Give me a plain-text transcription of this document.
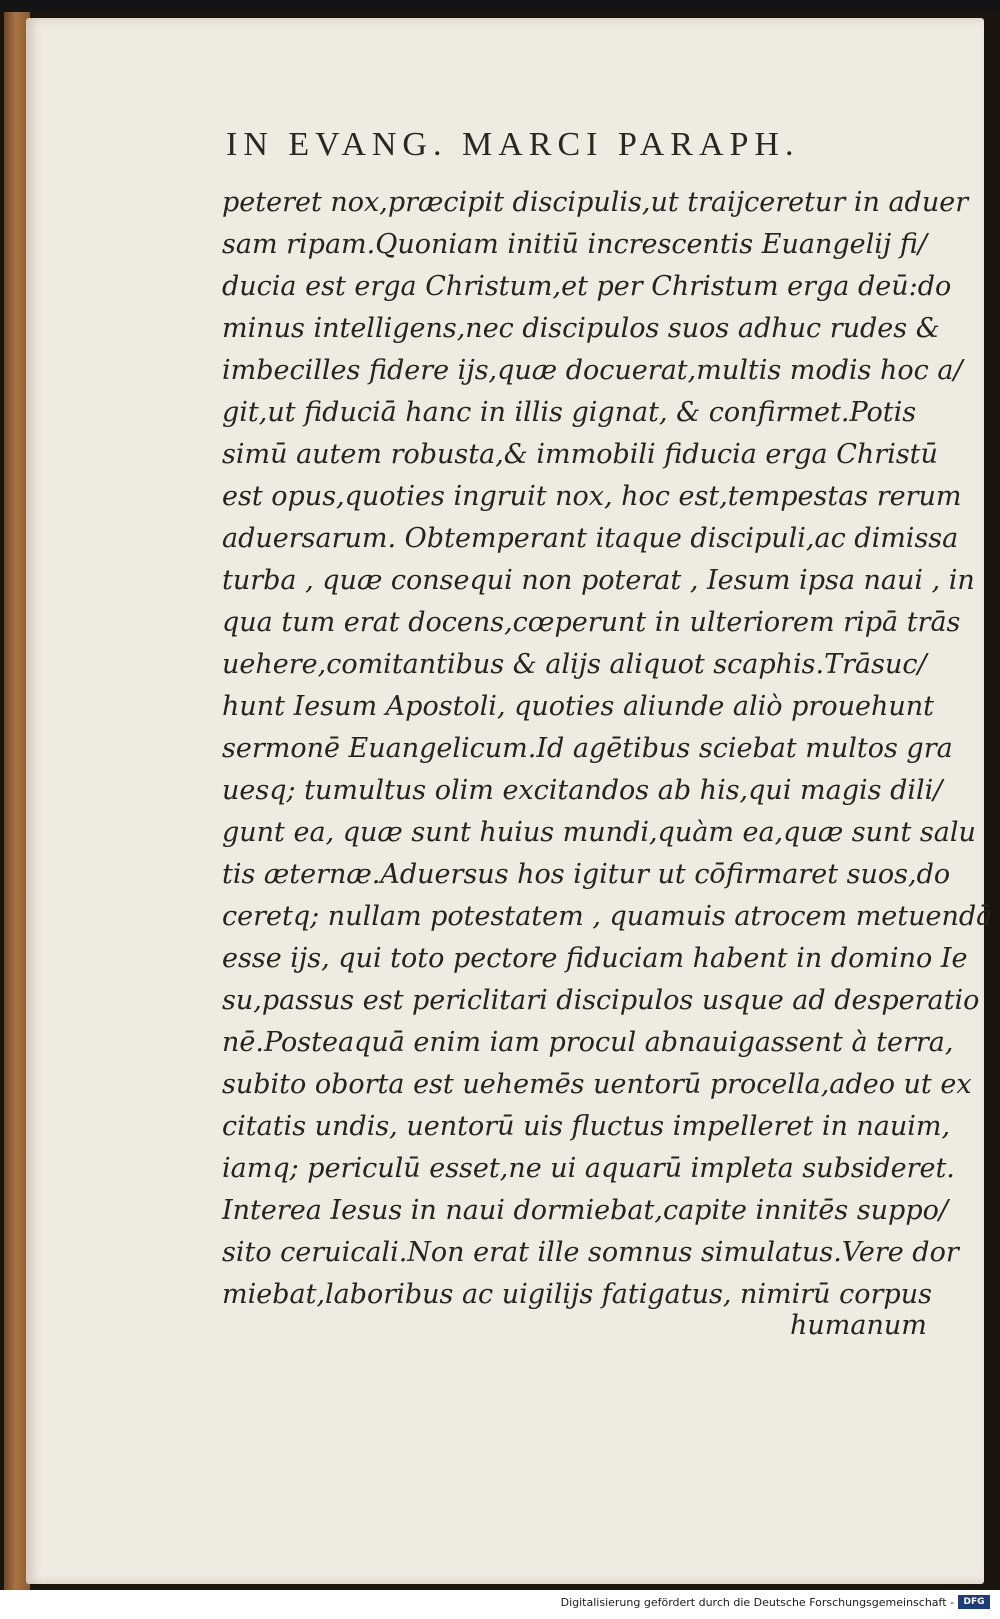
IN EVANG. MARCI PARAPH.
peteret nox,præcipit discipulis,ut traijceretur in aduer
sam ripam.Quoniam initiū increscentis Euangelij fi/
ducia est erga Christum,et per Christum erga deū:do
minus intelligens,nec discipulos suos adhuc rudes &
imbecilles fidere ijs,quæ docuerat,multis modis hoc a/
git,ut fiduciā hanc in illis gignat, & confirmet.Potis
simū autem robusta,& immobili fiducia erga Christū
est opus,quoties ingruit nox, hoc est,tempestas rerum
aduersarum. Obtemperant itaque discipuli,ac dimissa
turba , quæ consequi non poterat , Iesum ipsa naui , in
qua tum erat docens,cœperunt in ulteriorem ripā trās
uehere,comitantibus & alijs aliquot scaphis.Trāsuc/
hunt Iesum Apostoli, quoties aliunde aliò prouehunt
sermonē Euangelicum.Id agētibus sciebat multos gra
uesq; tumultus olim excitandos ab his,qui magis dili/
gunt ea, quæ sunt huius mundi,quàm ea,quæ sunt salu
tis æternæ.Aduersus hos igitur ut cōfirmaret suos,do
ceretq; nullam potestatem , quamuis atrocem metuendā
esse ijs, qui toto pectore fiduciam habent in domino Ie
su,passus est periclitari discipulos usque ad desperatio
nē.Posteaquā enim iam procul abnauigassent à terra,
subito oborta est uehemēs uentorū procella,adeo ut ex
citatis undis, uentorū uis fluctus impelleret in nauim,
iamq; periculū esset,ne ui aquarū impleta subsideret.
Interea Iesus in naui dormiebat,capite innitēs suppo/
sito ceruicali.Non erat ille somnus simulatus.Vere dor
miebat,laboribus ac uigilijs fatigatus, nimirū corpus
humanum
Digitalisierung gefördert durch die Deutsche Forschungsgemeinschaft -	DFG
